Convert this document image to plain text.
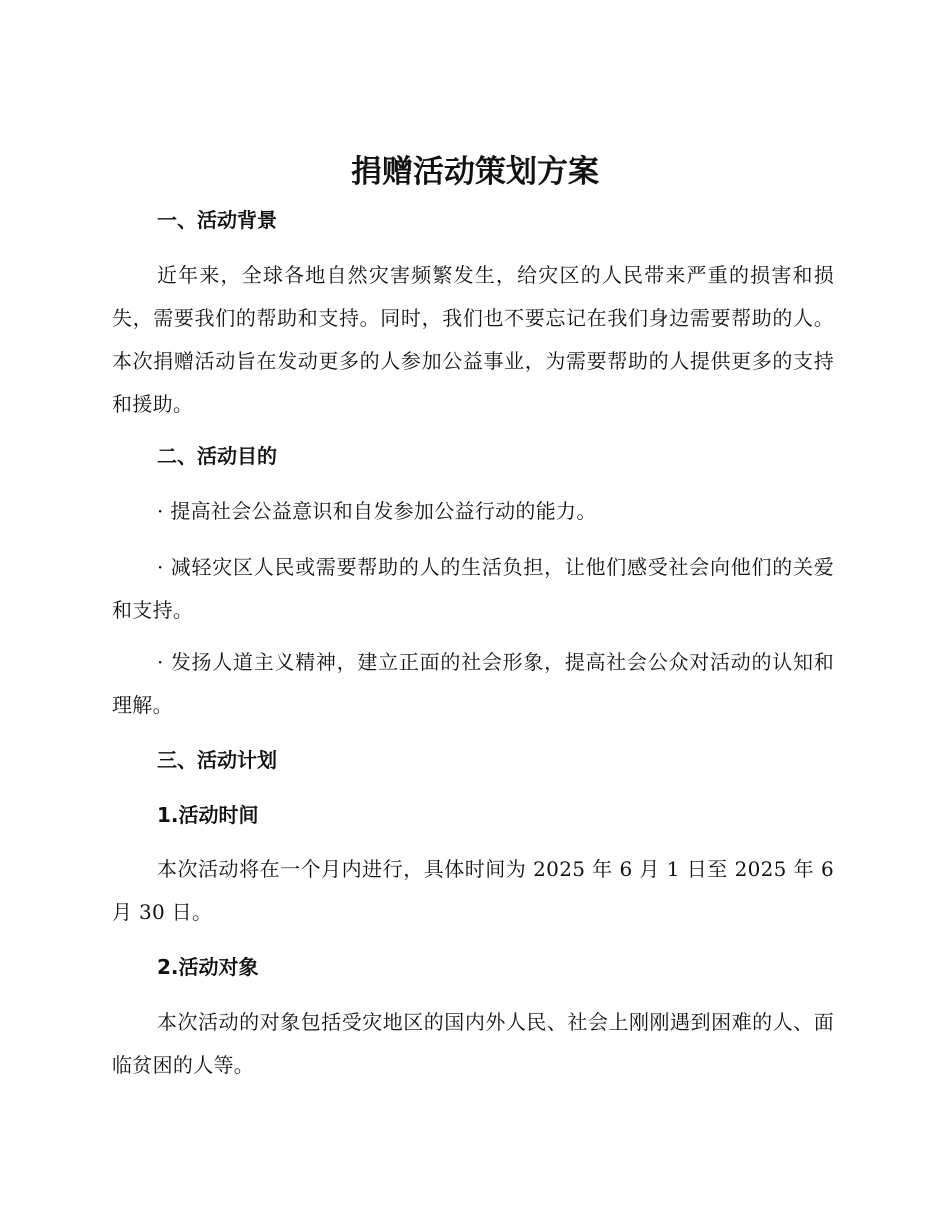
捐赠活动策划方案
一、活动背景

近年来，全球各地自然灾害频繁发生，给灾区的人民带来严重的损害和损失，需要我们的帮助和支持。同时，我们也不要忘记在我们身边需要帮助的人。本次捐赠活动旨在发动更多的人参加公益事业，为需要帮助的人提供更多的支持和援助。

二、活动目的

· 提高社会公益意识和自发参加公益行动的能力。

· 减轻灾区人民或需要帮助的人的生活负担，让他们感受社会向他们的关爱和支持。

· 发扬人道主义精神，建立正面的社会形象，提高社会公众对活动的认知和理解。

三、活动计划
1.活动时间

本次活动将在一个月内进行，具体时间为 2025 年 6 月 1 日至 2025 年 6 月 30 日。

2.活动对象

本次活动的对象包括受灾地区的国内外人民、社会上刚刚遇到困难的人、面临贫困的人等。
